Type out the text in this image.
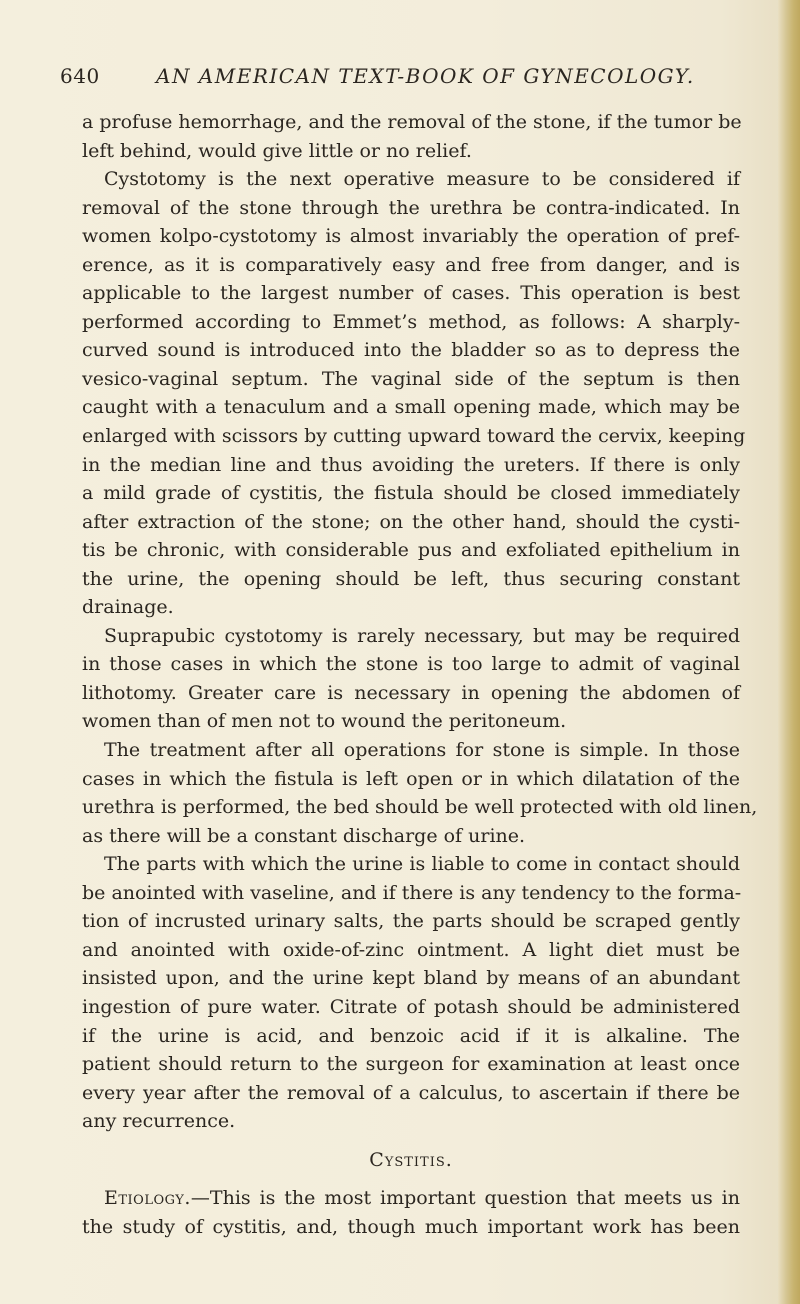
640	AN AMERICAN TEXT-BOOK OF GYNECOLOGY.
a profuse hemorrhage, and the removal of the stone, if the tumor be
left behind, would give little or no relief.
Cystotomy is the next operative measure to be considered if
removal of the stone through the urethra be contra-indicated. In
women kolpo-cystotomy is almost invariably the operation of pref-
erence, as it is comparatively easy and free from danger, and is
applicable to the largest number of cases. This operation is best
performed according to Emmet’s method, as follows: A sharply-
curved sound is introduced into the bladder so as to depress the
vesico-vaginal septum. The vaginal side of the septum is then
caught with a tenaculum and a small opening made, which may be
enlarged with scissors by cutting upward toward the cervix, keeping
in the median line and thus avoiding the ureters. If there is only
a mild grade of cystitis, the fistula should be closed immediately
after extraction of the stone; on the other hand, should the cysti-
tis be chronic, with considerable pus and exfoliated epithelium in
the urine, the opening should be left, thus securing constant
drainage.
Suprapubic cystotomy is rarely necessary, but may be required
in those cases in which the stone is too large to admit of vaginal
lithotomy. Greater care is necessary in opening the abdomen of
women than of men not to wound the peritoneum.
The treatment after all operations for stone is simple. In those
cases in which the fistula is left open or in which dilatation of the
urethra is performed, the bed should be well protected with old linen,
as there will be a constant discharge of urine.
The parts with which the urine is liable to come in contact should
be anointed with vaseline, and if there is any tendency to the forma-
tion of incrusted urinary salts, the parts should be scraped gently
and anointed with oxide-of-zinc ointment. A light diet must be
insisted upon, and the urine kept bland by means of an abundant
ingestion of pure water. Citrate of potash should be administered
if the urine is acid, and benzoic acid if it is alkaline. The
patient should return to the surgeon for examination at least once
every year after the removal of a calculus, to ascertain if there be
any recurrence.
Cystitis.
Etiology.—This is the most important question that meets us in
the study of cystitis, and, though much important work has been
